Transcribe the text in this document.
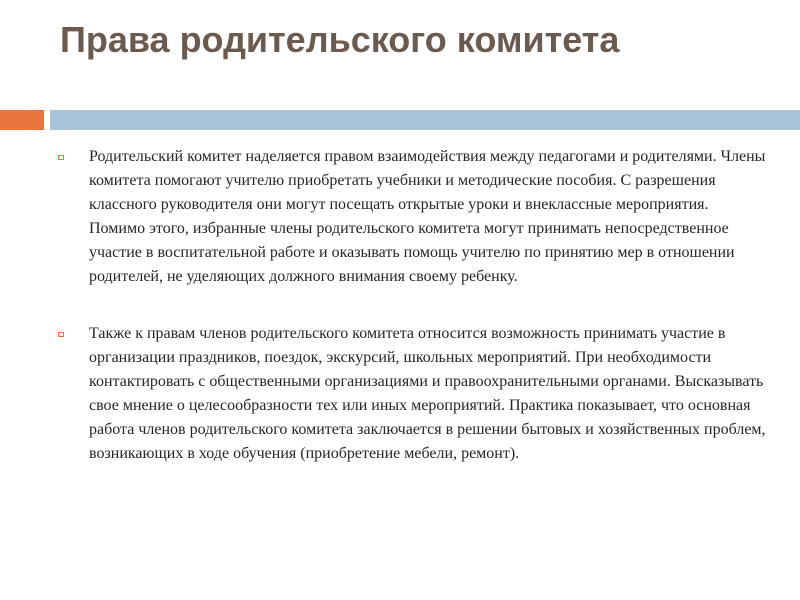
Права родительского комитета
Родительский комитет наделяется правом взаимодействия между педагогами и родителями. Члены комитета помогают учителю приобретать учебники и методические пособия. С разрешения классного руководителя они могут посещать открытые уроки и внеклассные мероприятия. Помимо этого, избранные члены родительского комитета могут принимать непосредственное участие в воспитательной работе и оказывать помощь учителю по принятию мер в отношении родителей, не уделяющих должного внимания своему ребенку.
Также к правам членов родительского комитета относится возможность принимать участие в организации праздников, поездок, экскурсий, школьных мероприятий. При необходимости контактировать с общественными организациями и правоохранительными органами. Высказывать свое мнение о целесообразности тех или иных мероприятий. Практика показывает, что основная работа членов родительского комитета заключается в решении бытовых и хозяйственных проблем, возникающих в ходе обучения (приобретение мебели, ремонт).
